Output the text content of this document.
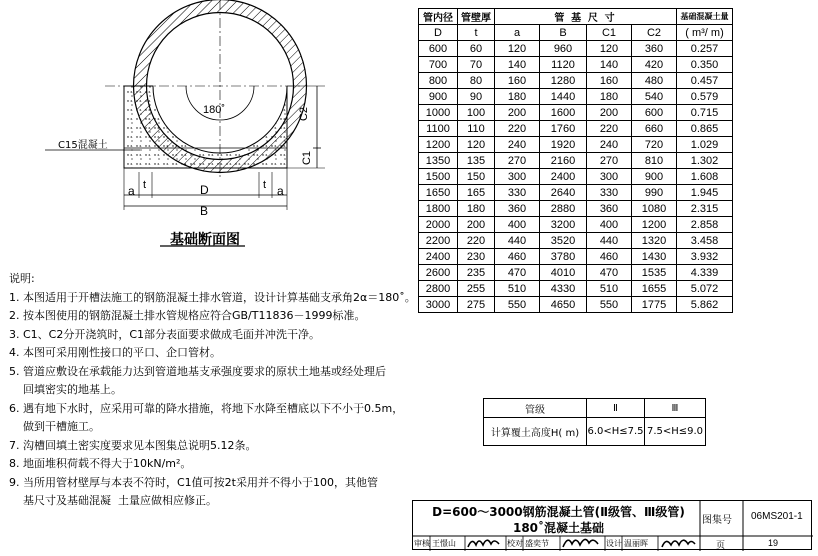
180˚
C15混凝土
C2
C1
a t	D	t a
B
基础断面图
管内径	管壁厚	管 基 尺 寸				基础混凝土量
D	t	a	B	C1	C2	( m³/ m)
600	60	120	960	120	360	0.257
700	70	140	1120	140	420	0.350
800	80	160	1280	160	480	0.457
900	90	180	1440	180	540	0.579
1000	100	200	1600	200	600	0.715
1100	110	220	1760	220	660	0.865
1200	120	240	1920	240	720	1.029
1350	135	270	2160	270	810	1.302
1500	150	300	2400	300	900	1.608
1650	165	330	2640	330	990	1.945
1800	180	360	2880	360	1080	2.315
2000	200	400	3200	400	1200	2.858
2200	220	440	3520	440	1320	3.458
2400	230	460	3780	460	1430	3.932
2600	235	470	4010	470	1535	4.339
2800	255	510	4330	510	1655	5.072
3000	275	550	4650	550	1775	5.862
管级	Ⅱ	Ⅲ
计算覆土高度H( m)	6.0<H≤7.5	7.5<H≤9.0
说明:
1. 本图适用于开槽法施工的钢筋混凝土排水管道，设计计算基础支承角2α＝180˚。
2. 按本图使用的钢筋混凝土排水管规格应符合GB/T11836－1999标准。
3. C1、C2分开浇筑时，C1部分表面要求做成毛面并冲洗干净。
4. 本图可采用刚性接口的平口、企口管材。
5. 管道应敷设在承载能力达到管道地基支承强度要求的原状土地基或经处理后
回填密实的地基上。
6. 遇有地下水时，应采用可靠的降水措施，将地下水降至槽底以下不小于0.5m，
做到干槽施工。
7. 沟槽回填土密实度要求见本图集总说明5.12条。
8. 地面堆积荷载不得大于10kN/m²。
9. 当所用管材壁厚与本表不符时，C1值可按2t采用并不得小于100，其他管
基尺寸及基础混凝  土量应做相应修正。
D=600～3000钢筋混凝土管(Ⅱ级管、Ⅲ级管)
180˚混凝土基础
图集号 06MS201-1
审核 王憬山	校对 盛奕节	设计 温丽晖	页	19
